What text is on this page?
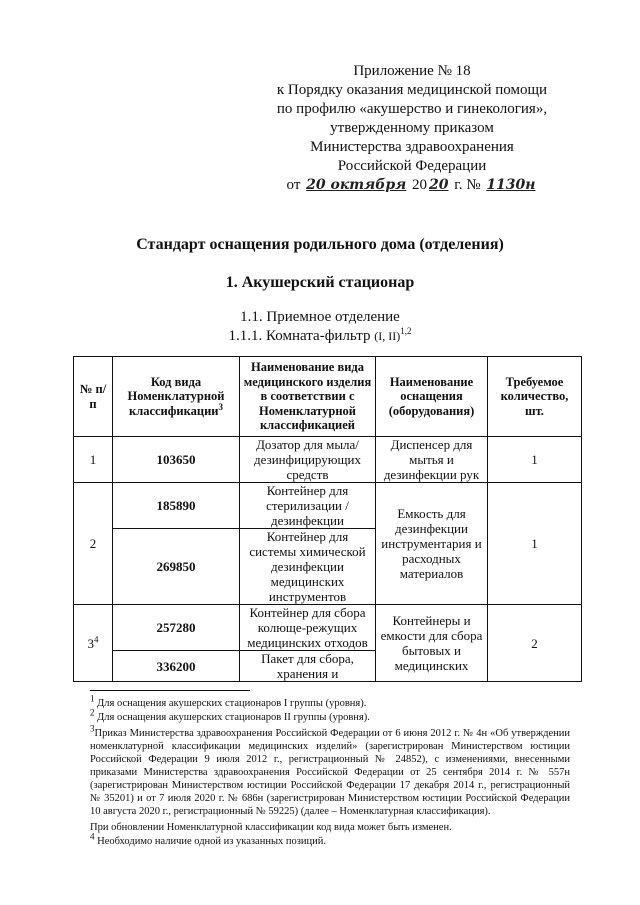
Приложение № 18
к Порядку оказания медицинской помощи
по профилю «акушерство и гинекология»,
утвержденному приказом
Министерства здравоохранения
Российской Федерации
от 20 октября 20 20 г. № 1130н
Стандарт оснащения родильного дома (отделения)
1. Акушерский стационар
1.1. Приемное отделение
1.1.1. Комната-фильтр (I, II)$^{1,2}$
№ п/п	Код вида Номенклатурной классификации$^3$	Наименование вида медицинского изделия в соответствии с Номенклатурной классификацией	Наименование оснащения (оборудования)	Требуемое количество, шт.
1	103650	Дозатор для мыла/ дезинфицирующих средств	Диспенсер для мытья и дезинфекции рук	1
2	185890	Контейнер для стерилизации /дезинфекции	Емкость для дезинфекции инструментария и расходных материалов	1
	269850	Контейнер для системы химической дезинфекции медицинских инструментов		
$3^4$	257280	Контейнер для сбора колюще-режущих медицинских отходов	Контейнеры и емкости для сбора бытовых и медицинских	2
	336200	Пакет для сбора, хранения и		
$^1$ Для оснащения акушерских стационаров I группы (уровня).
$^2$ Для оснащения акушерских стационаров II группы (уровня).
$^3$Приказ Министерства здравоохранения Российской Федерации от 6 июня 2012 г. № 4н «Об утверждении номенклатурной классификации медицинских изделий» (зарегистрирован Министерством юстиции Российской Федерации 9 июля 2012 г., регистрационный № 24852), с изменениями, внесенными приказами Министерства здравоохранения Российской Федерации от 25 сентября 2014 г. № 557н (зарегистрирован Министерством юстиции Российской Федерации 17 декабря 2014 г., регистрационный № 35201) и от 7 июля 2020 г. № 686н (зарегистрирован Министерством юстиции Российской Федерации 10 августа 2020 г., регистрационный № 59225) (далее – Номенклатурная классификация).
При обновлении Номенклатурной классификации код вида может быть изменен.
$^4$ Необходимо наличие одной из указанных позиций.
